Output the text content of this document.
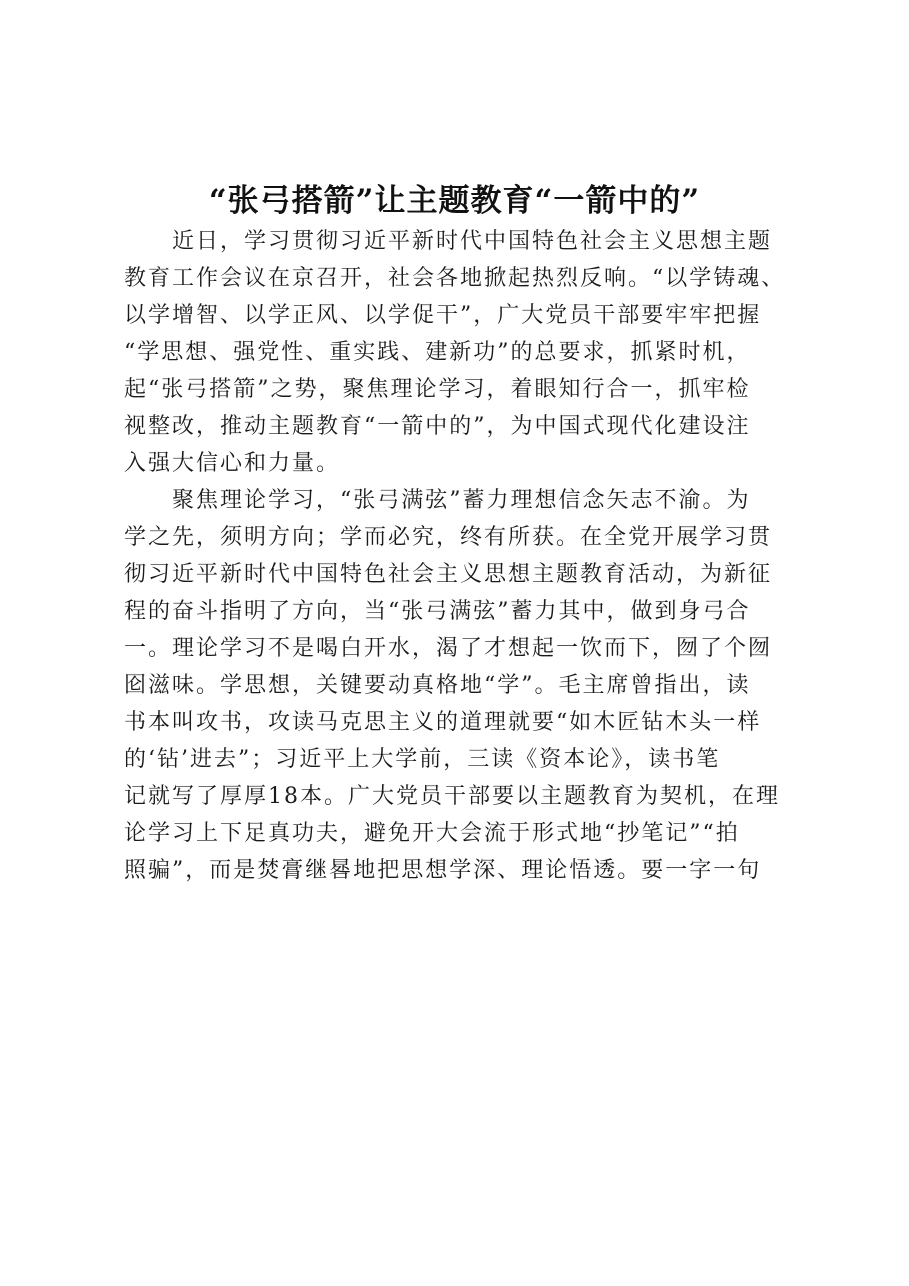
“张弓搭箭”让主题教育“一箭中的”
近日，学习贯彻习近平新时代中国特色社会主义思想主题
教育工作会议在京召开，社会各地掀起热烈反响。“以学铸魂、
以学增智、以学正风、以学促干”，广大党员干部要牢牢把握
“学思想、强党性、重实践、建新功”的总要求，抓紧时机，
起“张弓搭箭”之势，聚焦理论学习，着眼知行合一，抓牢检
视整改，推动主题教育“一箭中的”，为中国式现代化建设注
入强大信心和力量。
聚焦理论学习，“张弓满弦”蓄力理想信念矢志不渝。为
学之先，须明方向；学而必究，终有所获。在全党开展学习贯
彻习近平新时代中国特色社会主义思想主题教育活动，为新征
程的奋斗指明了方向，当“张弓满弦”蓄力其中，做到身弓合
一。理论学习不是喝白开水，渴了才想起一饮而下，囫了个囫
囵滋味。学思想，关键要动真格地“学”。毛主席曾指出，读
书本叫攻书，攻读马克思主义的道理就要“如木匠钻木头一样
的‘钻’进去”；习近平上大学前，三读《资本论》，读书笔
记就写了厚厚18本。广大党员干部要以主题教育为契机，在理
论学习上下足真功夫，避免开大会流于形式地“抄笔记”“拍
照骗”，而是焚膏继晷地把思想学深、理论悟透。要一字一句
